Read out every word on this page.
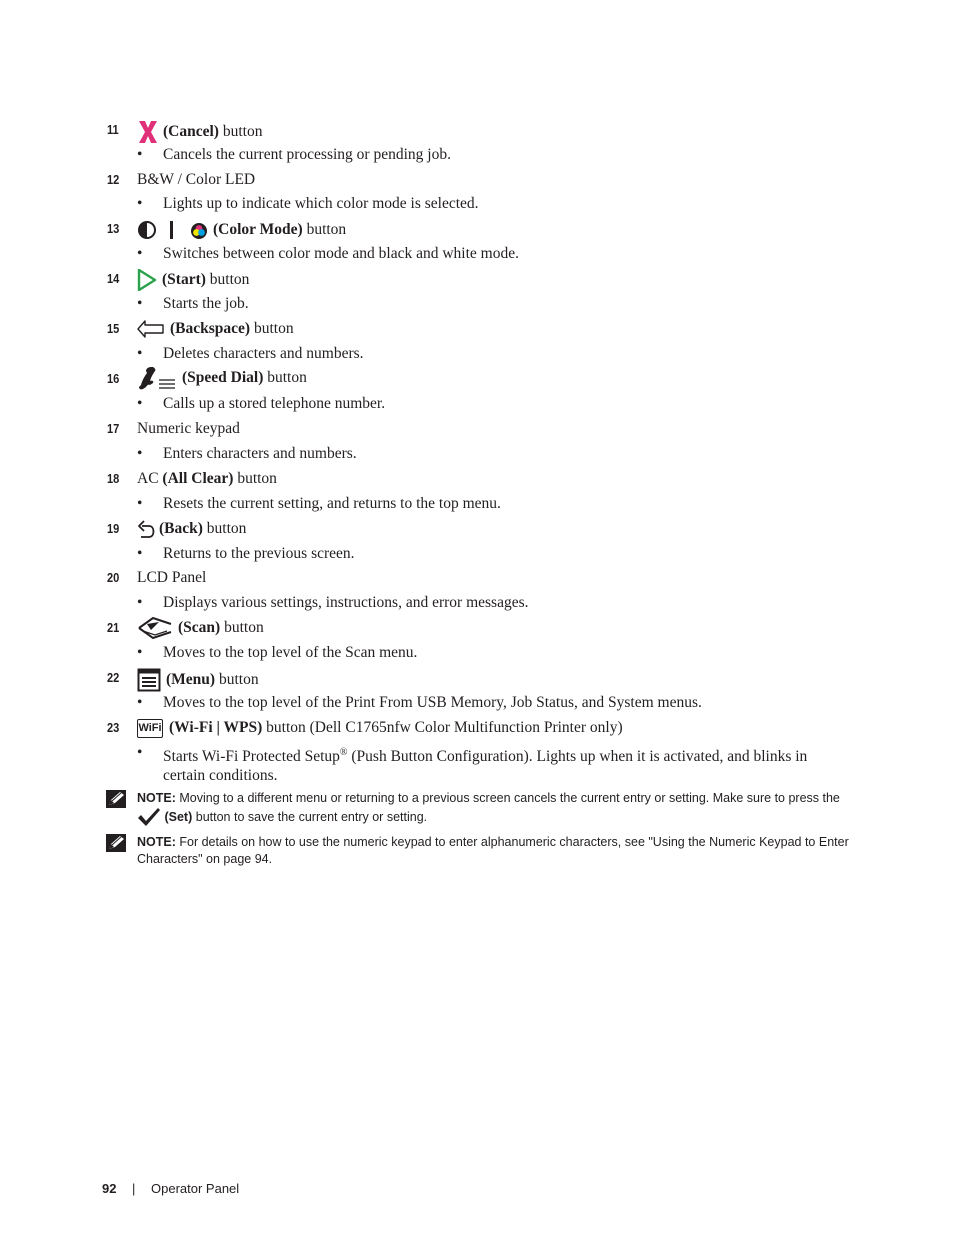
11	(Cancel) button
• Cancels the current processing or pending job.
12 B&W / Color LED
• Lights up to indicate which color mode is selected.
13	(Color Mode) button
• Switches between color mode and black and white mode.
14	(Start) button
• Starts the job.
15	(Backspace) button
• Deletes characters and numbers.
16	(Speed Dial) button
• Calls up a stored telephone number.
17 Numeric keypad
• Enters characters and numbers.
18 AC (All Clear) button
• Resets the current setting, and returns to the top menu.
19	(Back) button
• Returns to the previous screen.
20 LCD Panel
• Displays various settings, instructions, and error messages.
21	(Scan) button
• Moves to the top level of the Scan menu.
22	(Menu) button
• Moves to the top level of the Print From USB Memory, Job Status, and System menus.
23 WiFi (Wi-Fi | WPS) button (Dell C1765nfw Color Multifunction Printer only)
• Starts Wi-Fi Protected Setup® (Push Button Configuration). Lights up when it is activated, and blinks in certain conditions.
NOTE: Moving to a different menu or returning to a previous screen cancels the current entry or setting. Make sure to press the
(Set) button to save the current entry or setting.
NOTE: For details on how to use the numeric keypad to enter alphanumeric characters, see "Using the Numeric Keypad to Enter Characters" on page 94.
92 | Operator Panel
